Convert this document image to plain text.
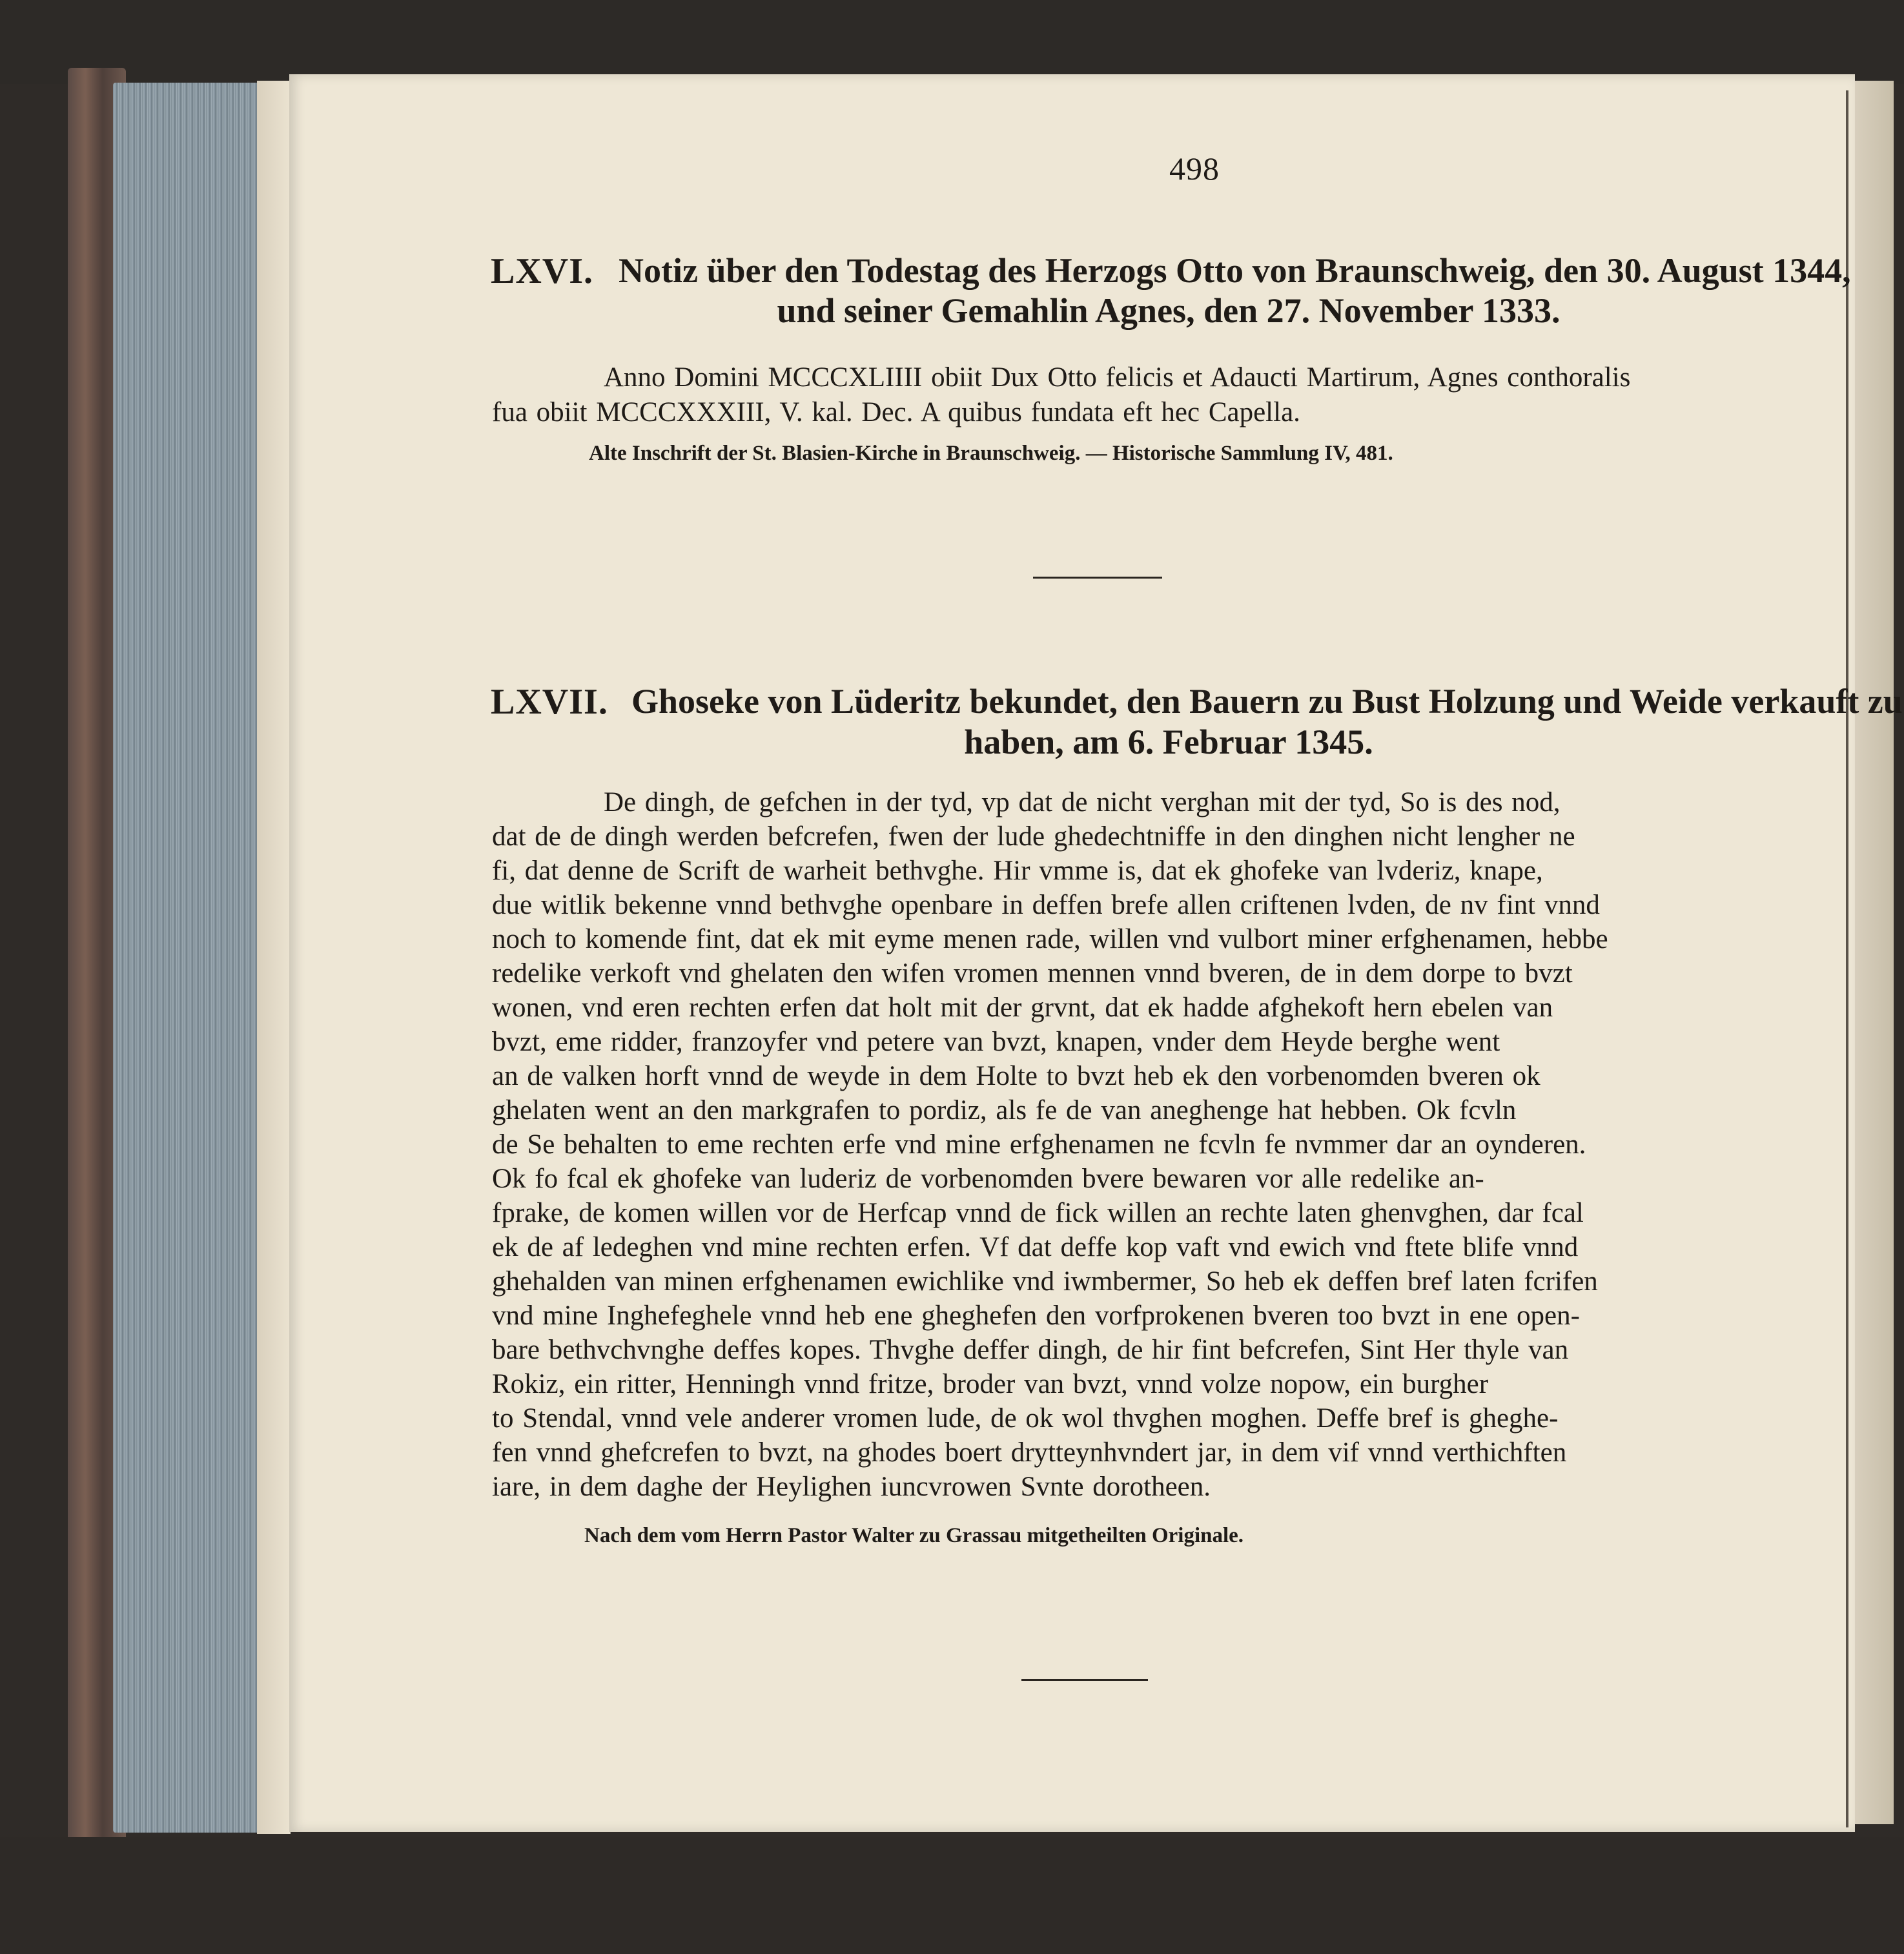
498
LXVI. Notiz über den Todestag des Herzogs Otto von Braunschweig, den 30. August 1344,
und seiner Gemahlin Agnes, den 27. November 1333.
Anno Domini MCCCXLIIII obiit Dux Otto felicis et Adaucti Martirum, Agnes conthoralis
fua obiit MCCCXXXIII, V. kal. Dec. A quibus fundata eft hec Capella.
Alte Inschrift der St. Blasien-Kirche in Braunschweig. — Historische Sammlung IV, 481.
LXVII. Ghoseke von Lüderitz bekundet, den Bauern zu Bust Holzung und Weide verkauft zu
haben, am 6. Februar 1345.
De dingh, de gefchen in der tyd, vp dat de nicht verghan mit der tyd, So is des nod,
dat de de dingh werden befcrefen, fwen der lude ghedechtniffe in den dinghen nicht lengher ne
fi, dat denne de Scrift de warheit bethvghe. Hir vmme is, dat ek ghofeke van lvderiz, knape,
due witlik bekenne vnnd bethvghe openbare in deffen brefe allen criftenen lvden, de nv fint vnnd
noch to komende fint, dat ek mit eyme menen rade, willen vnd vulbort miner erfghenamen, hebbe
redelike verkoft vnd ghelaten den wifen vromen mennen vnnd bveren, de in dem dorpe to bvzt
wonen, vnd eren rechten erfen dat holt mit der grvnt, dat ek hadde afghekoft hern ebelen van
bvzt, eme ridder, franzoyfer vnd petere van bvzt, knapen, vnder dem Heyde berghe went
an de valken horft vnnd de weyde in dem Holte to bvzt heb ek den vorbenomden bveren ok
ghelaten went an den markgrafen to pordiz, als fe de van aneghenge hat hebben. Ok fcvln
de Se behalten to eme rechten erfe vnd mine erfghenamen ne fcvln fe nvmmer dar an oynderen.
Ok fo fcal ek ghofeke van luderiz de vorbenomden bvere bewaren vor alle redelike an-
fprake, de komen willen vor de Herfcap vnnd de fick willen an rechte laten ghenvghen, dar fcal
ek de af ledeghen vnd mine rechten erfen. Vf dat deffe kop vaft vnd ewich vnd ftete blife vnnd
ghehalden van minen erfghenamen ewichlike vnd iwmbermer, So heb ek deffen bref laten fcrifen
vnd mine Inghefeghele vnnd heb ene gheghefen den vorfprokenen bveren too bvzt in ene open-
bare bethvchvnghe deffes kopes. Thvghe deffer dingh, de hir fint befcrefen, Sint Her thyle van
Rokiz, ein ritter, Henningh vnnd fritze, broder van bvzt, vnnd volze nopow, ein burgher
to Stendal, vnnd vele anderer vromen lude, de ok wol thvghen moghen. Deffe bref is gheghe-
fen vnnd ghefcrefen to bvzt, na ghodes boert drytteynhvndert jar, in dem vif vnnd verthichften
iare, in dem daghe der Heylighen iuncvrowen Svnte dorotheen.
Nach dem vom Herrn Pastor Walter zu Grassau mitgetheilten Originale.
